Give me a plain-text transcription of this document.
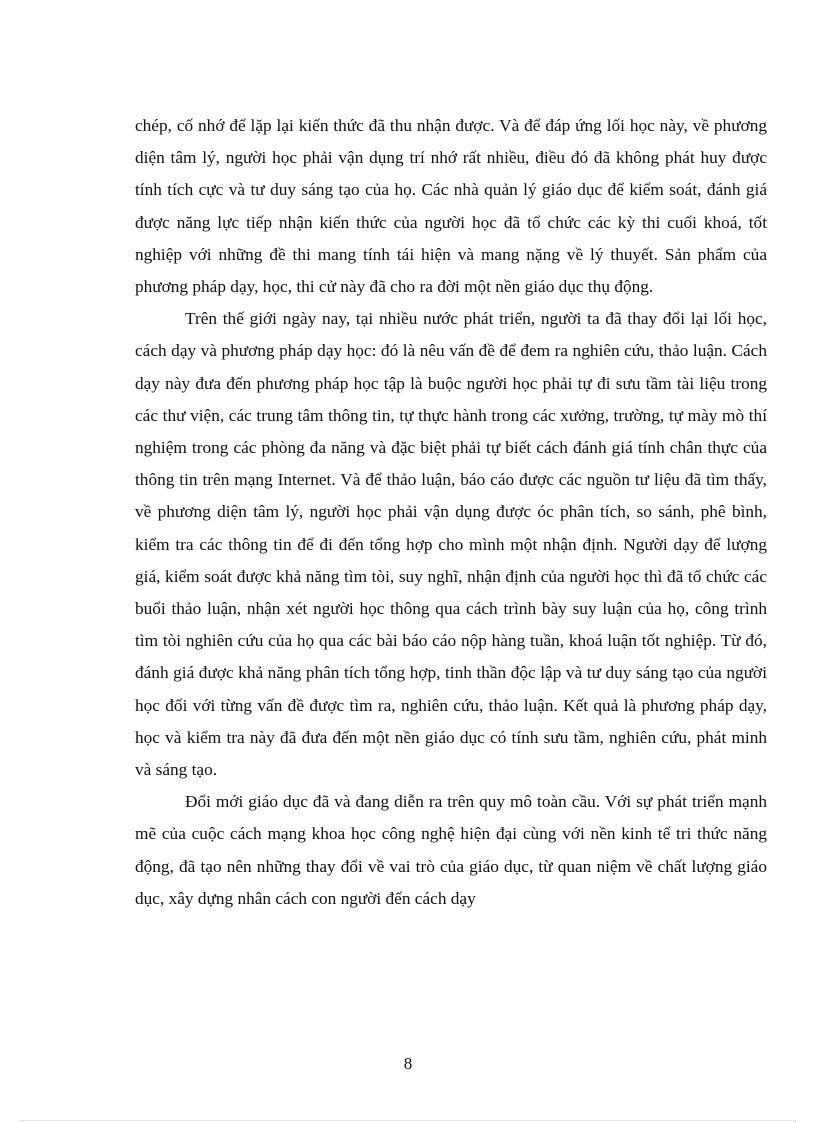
chép, cố nhớ để lặp lại kiến thức đã thu nhận được. Và để đáp ứng lối học này, về phương diện tâm lý, người học phải vận dụng trí nhớ rất nhiều, điều đó đã không phát huy được tính tích cực và tư duy sáng tạo của họ. Các nhà quản lý giáo dục để kiểm soát, đánh giá được năng lực tiếp nhận kiến thức của người học đã tổ chức các kỳ thi cuối khoá, tốt nghiệp với những đề thi mang tính tái hiện và mang nặng về lý thuyết. Sản phẩm của phương pháp dạy, học, thi cử này đã cho ra đời một nền giáo dục thụ động.

Trên thế giới ngày nay, tại nhiều nước phát triển, người ta đã thay đổi lại lối học, cách dạy và phương pháp dạy học: đó là nêu vấn đề để đem ra nghiên cứu, thảo luận. Cách dạy này đưa đến phương pháp học tập là buộc người học phải tự đi sưu tầm tài liệu trong các thư viện, các trung tâm thông tin, tự thực hành trong các xưởng, trường, tự mày mò thí nghiệm trong các phòng đa năng và đặc biệt phải tự biết cách đánh giá tính chân thực của thông tin trên mạng Internet. Và để thảo luận, báo cáo được các nguồn tư liệu đã tìm thấy, về phương diện tâm lý, người học phải vận dụng được óc phân tích, so sánh, phê bình, kiểm tra các thông tin để đi đến tổng hợp cho mình một nhận định. Người dạy để lượng giá, kiểm soát được khả năng tìm tòi, suy nghĩ, nhận định của người học thì đã tổ chức các buổi thảo luận, nhận xét người học thông qua cách trình bày suy luận của họ, công trình tìm tòi nghiên cứu của họ qua các bài báo cáo nộp hàng tuần, khoá luận tốt nghiệp. Từ đó, đánh giá được khả năng phân tích tổng hợp, tinh thần độc lập và tư duy sáng tạo của người học đối với từng vấn đề được tìm ra, nghiên cứu, thảo luận. Kết quả là phương pháp dạy, học và kiểm tra này đã đưa đến một nền giáo dục có tính sưu tầm, nghiên cứu, phát minh và sáng tạo.

Đổi mới giáo dục đã và đang diễn ra trên quy mô toàn cầu. Với sự phát triển mạnh mẽ của cuộc cách mạng khoa học công nghệ hiện đại cùng với nền kinh tế tri thức năng động, đã tạo nên những thay đổi về vai trò của giáo dục, từ quan niệm về chất lượng giáo dục, xây dựng nhân cách con người đến cách dạy

8
